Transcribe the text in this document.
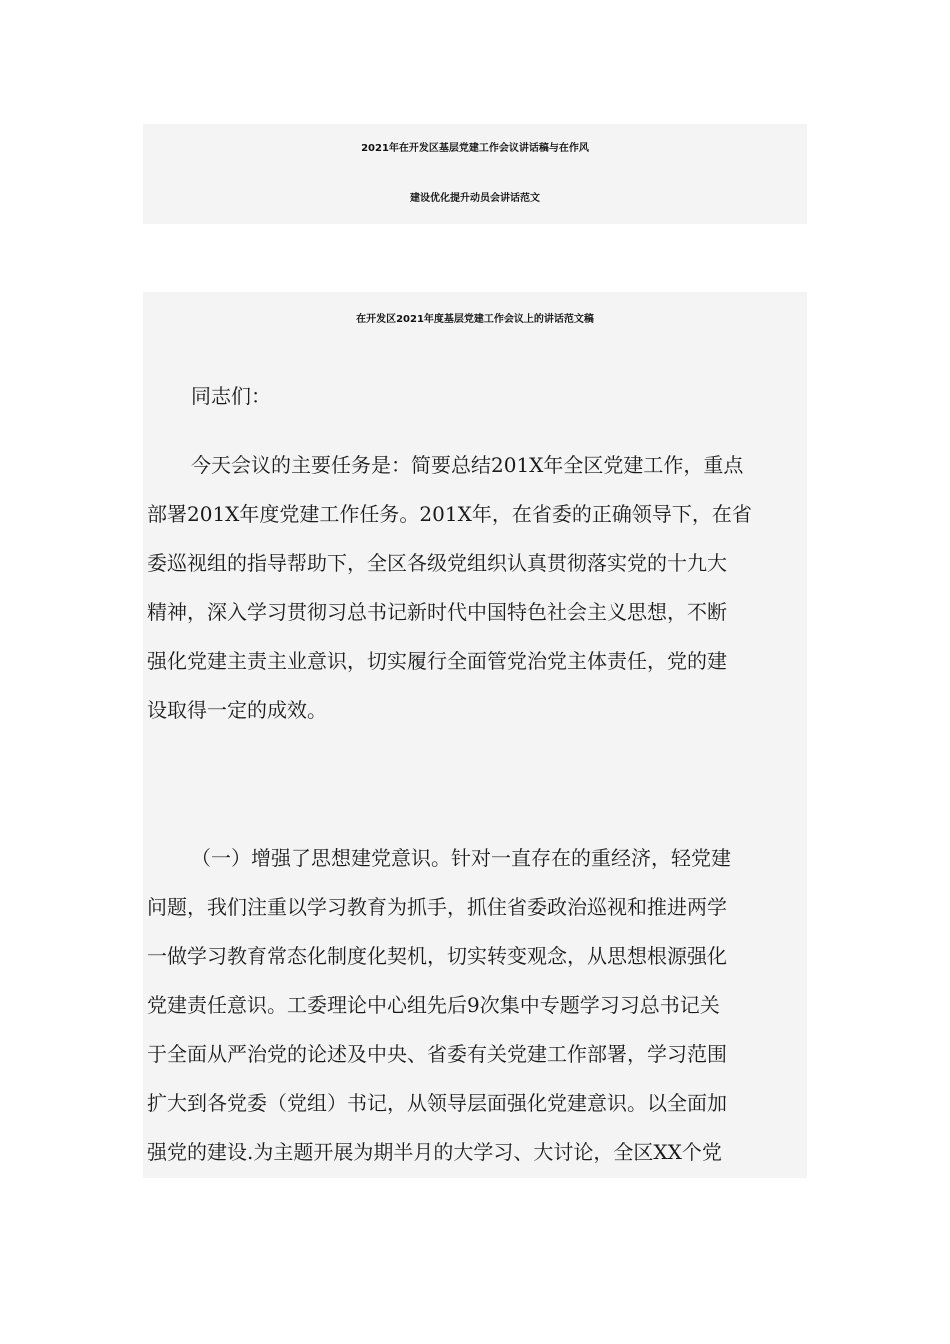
2021年在开发区基层党建工作会议讲话稿与在作风
建设优化提升动员会讲话范文
在开发区2021年度基层党建工作会议上的讲话范文稿
同志们：
今天会议的主要任务是：简要总结201X年全区党建工作，重点
部署201X年度党建工作任务。201X年，在省委的正确领导下，在省
委巡视组的指导帮助下，全区各级党组织认真贯彻落实党的十九大
精神，深入学习贯彻习总书记新时代中国特色社会主义思想，不断
强化党建主责主业意识，切实履行全面管党治党主体责任，党的建
设取得一定的成效。
（一）增强了思想建党意识。针对一直存在的重经济，轻党建
问题，我们注重以学习教育为抓手，抓住省委政治巡视和推进两学
一做学习教育常态化制度化契机，切实转变观念，从思想根源强化
党建责任意识。工委理论中心组先后9次集中专题学习习总书记关
于全面从严治党的论述及中央、省委有关党建工作部署，学习范围
扩大到各党委（党组）书记，从领导层面强化党建意识。以全面加
强党的建设.为主题开展为期半月的大学习、大讨论，全区XX个党
